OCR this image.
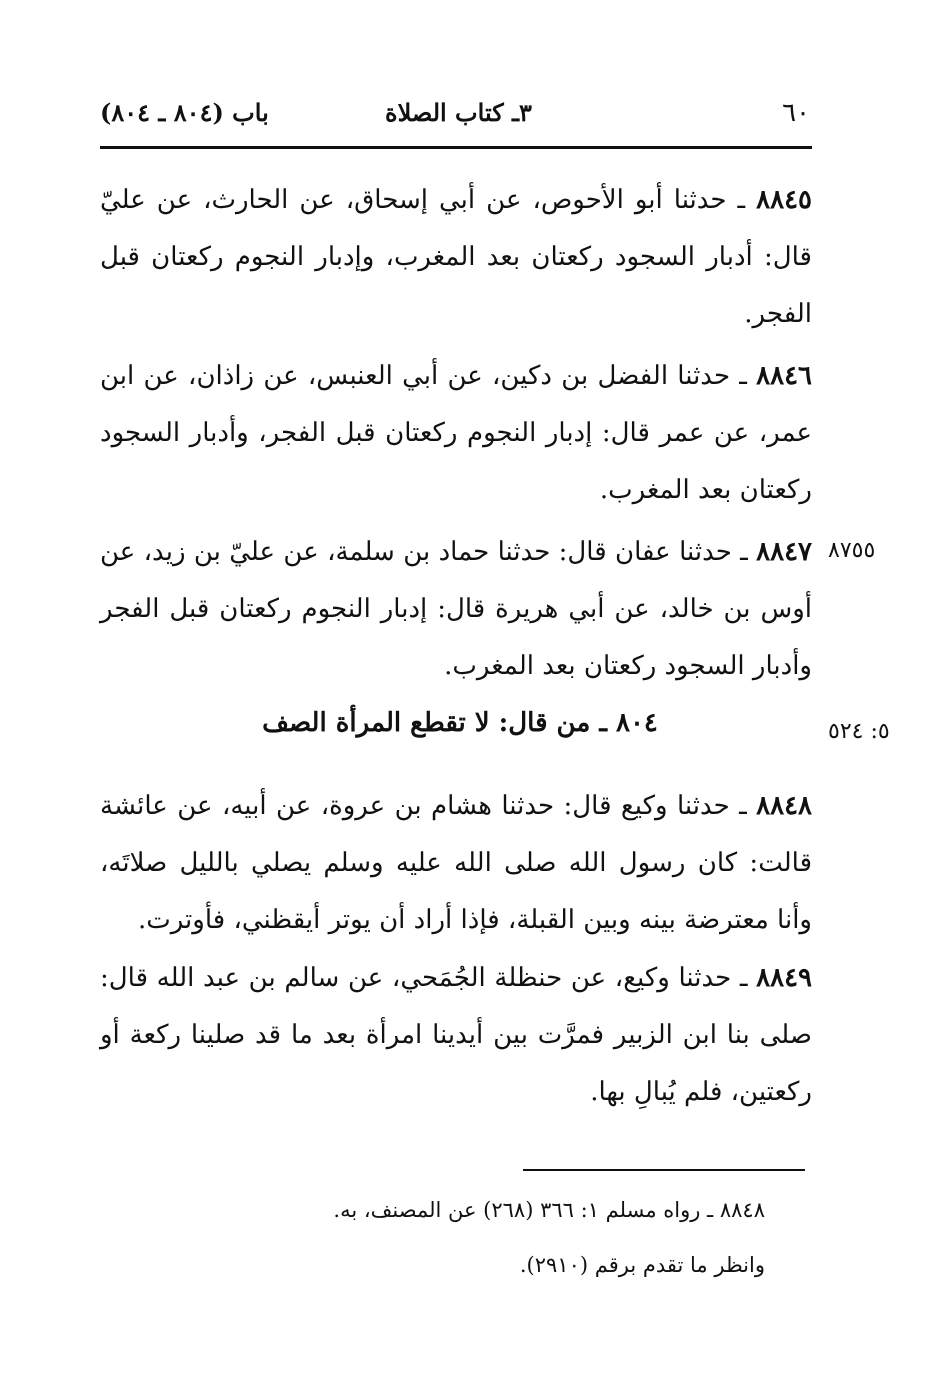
٦٠
٣ـ كتاب الصلاة
باب (٨٠٤ ـ ٨٠٤)
٨٨٤٥ ـ حدثنا أبو الأحوص، عن أبي إسحاق، عن الحارث، عن عليّ قال: أدبار السجود ركعتان بعد المغرب، وإدبار النجوم ركعتان قبل الفجر.
٨٨٤٦ ـ حدثنا الفضل بن دكين، عن أبي العنبس، عن زاذان، عن ابن عمر، عن عمر قال: إدبار النجوم ركعتان قبل الفجر، وأدبار السجود ركعتان بعد المغرب.
٨٧٥٥
٨٨٤٧ ـ حدثنا عفان قال: حدثنا حماد بن سلمة، عن عليّ بن زيد، عن أوس بن خالد، عن أبي هريرة قال: إدبار النجوم ركعتان قبل الفجر وأدبار السجود ركعتان بعد المغرب.
٥: ٥٢٤
٨٠٤ ـ من قال: لا تقطع المرأة الصف
٨٨٤٨ ـ حدثنا وكيع قال: حدثنا هشام بن عروة، عن أبيه، عن عائشة قالت: كان رسول الله صلى الله عليه وسلم يصلي بالليل صلاتَه، وأنا معترضة بينه وبين القبلة، فإذا أراد أن يوتر أيقظني، فأوترت.
٨٨٤٩ ـ حدثنا وكيع، عن حنظلة الجُمَحي، عن سالم بن عبد الله قال: صلى بنا ابن الزبير فمرَّت بين أيدينا امرأة بعد ما قد صلينا ركعة أو ركعتين، فلم يُبالِ بها.
٨٨٤٨ ـ رواه مسلم ١: ٣٦٦ (٢٦٨) عن المصنف، به.
وانظر ما تقدم برقم (٢٩١٠).
